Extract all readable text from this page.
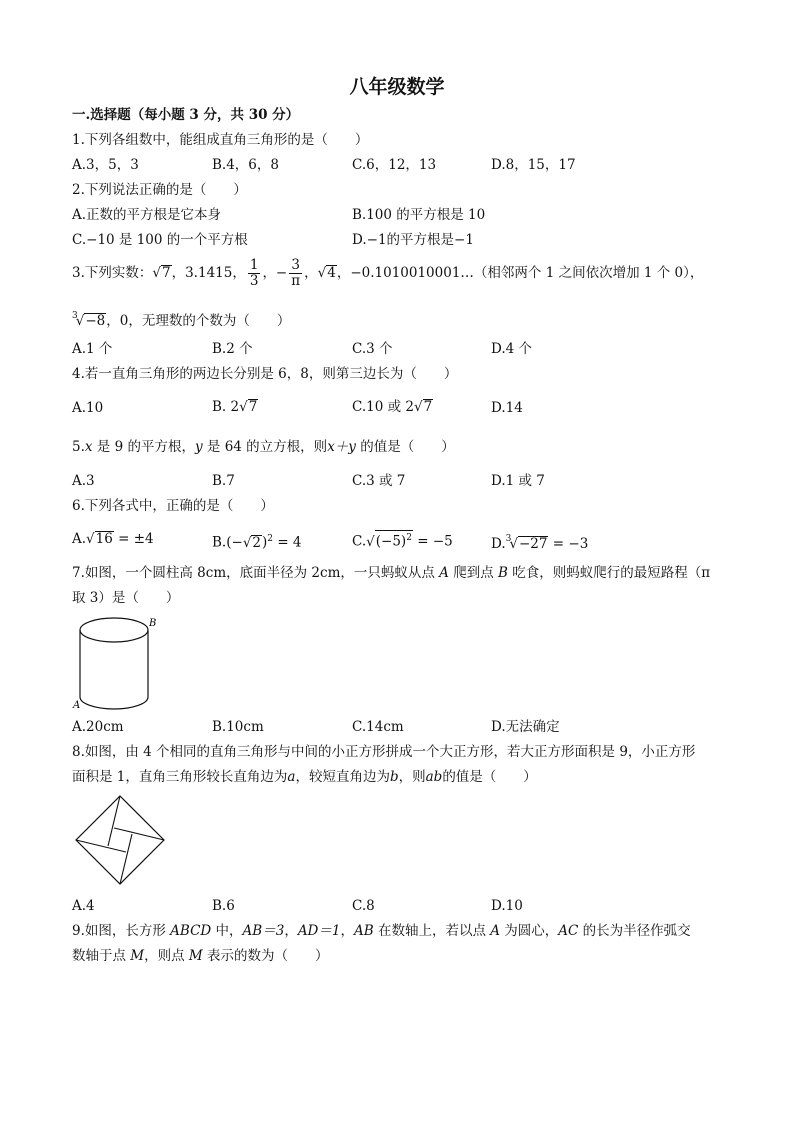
八年级数学
一.选择题（每小题 3 分，共 30 分）
1.下列各组数中，能组成直角三角形的是（　　）
A.3，5，3	B.4，6，8	C.6，12，13	D.8，15，17
2.下列说法正确的是（　　）
A.正数的平方根是它本身	B.100 的平方根是 10
C.−10 是 100 的一个平方根	D.−1的平方根是−1
3.下列实数：√7，3.1415， $\frac{1}{3}$ ，− $\frac{3}{\pi}$ ，√4，−0.1010010001…（相邻两个 1 之间依次增加 1 个 0），
$^3$√−8，0，无理数的个数为（　　）
A.1 个	B.2 个	C.3 个	D.4 个
4.若一直角三角形的两边长分别是 6，8，则第三边长为（　　）
A.10	B. 2√7	C.10 或 2√7	D.14
5.x 是 9 的平方根，y 是 64 的立方根，则x＋y 的值是（　　）
A.3	B.7	C.3 或 7	D.1 或 7
6.下列各式中，正确的是（　　）
A.√16 = ±4	$B.(-√2)^2 = 4$	$C.√(-5)^2 = -5$	D.$^3$√−27 = −3
7.如图，一个圆柱高 8cm，底面半径为 2cm，一只蚂蚁从点 A 爬到点 B 吃食，则蚂蚁爬行的最短路程（π
取 3）是（　　）
B
A
A.20cm	B.10cm	C.14cm	D.无法确定
8.如图，由 4 个相同的直角三角形与中间的小正方形拼成一个大正方形，若大正方形面积是 9，小正方形
面积是 1，直角三角形较长直角边为a，较短直角边为b，则ab的值是（　　）
A.4	B.6	C.8	D.10
9.如图，长方形 ABCD 中，AB＝3，AD＝1，AB 在数轴上，若以点 A 为圆心，AC 的长为半径作弧交
数轴于点 M，则点 M 表示的数为（　　）
